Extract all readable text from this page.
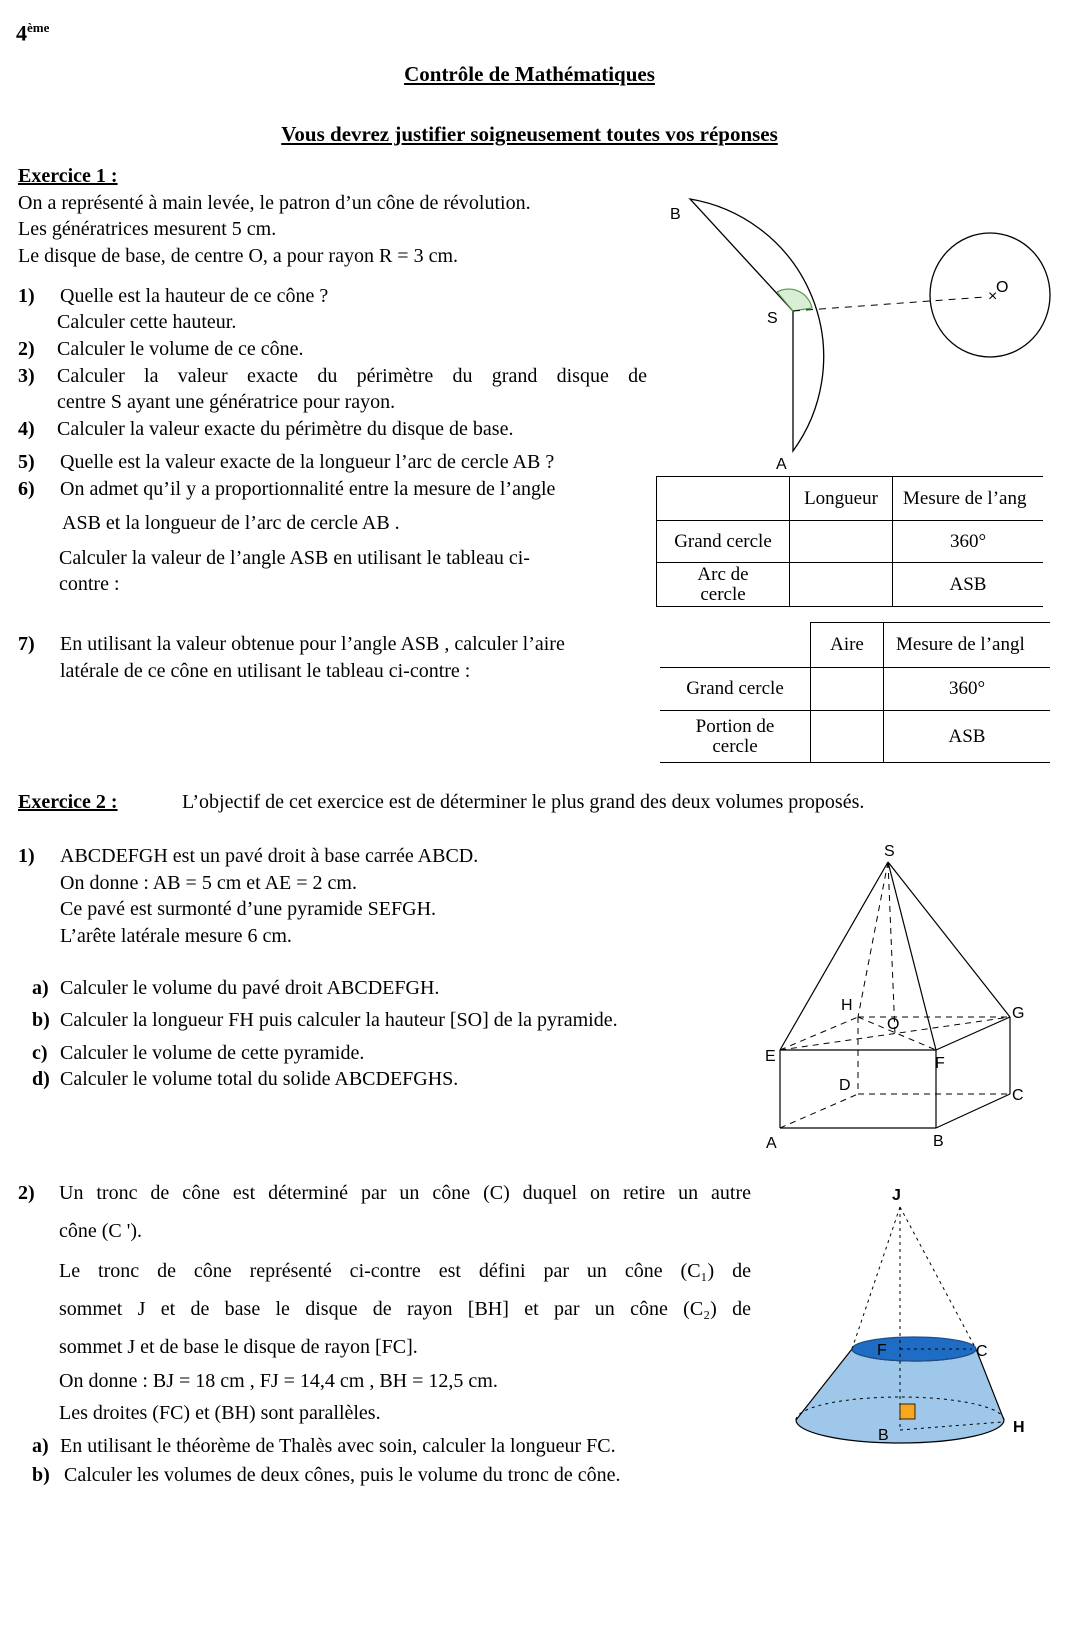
4ème
Contrôle de Mathématiques
Vous devrez justifier soigneusement toutes vos réponses
Exercice 1 :
On a représenté à main levée, le patron d’un cône de révolution.
Les génératrices mesurent 5 cm.
Le disque de base, de centre O, a pour rayon R = 3 cm.
1) Quelle est la hauteur de ce cône ?
Calculer cette hauteur.
2) Calculer le volume de ce cône.
3) Calculer la valeur exacte du périmètre du grand disque de
centre S ayant une génératrice pour rayon.
4) Calculer la valeur exacte du périmètre du disque de base.
5) Quelle est la valeur exacte de la longueur l’arc de cercle AB ?
6) On admet qu’il y a proportionnalité entre la mesure de l’angle
ASB et la longueur de l’arc de cercle AB .
Calculer la valeur de l’angle ASB en utilisant le tableau ci-
contre :
7) En utilisant la valeur obtenue pour l’angle ASB , calculer l’aire
latérale de ce cône en utilisant le tableau ci-contre :
×
B
S
O
A
	Longueur	Mesure de l’ang
Grand cercle		360°
Arc de cercle		ASB
	Aire	Mesure de l’angl
Grand cercle		360°
Portion de cercle		ASB
Exercice 2 :	L’objectif de cet exercice est de déterminer le plus grand des deux volumes proposés.
1) ABCDEFGH est un pavé droit à base carrée ABCD.
On donne : AB = 5 cm et AE = 2 cm.
Ce pavé est surmonté d’une pyramide SEFGH.
L’arête latérale mesure 6 cm.
a) Calculer le volume du pavé droit ABCDEFGH.
b) Calculer la longueur FH puis calculer la hauteur [SO] de la pyramide.
c) Calculer le volume de cette pyramide.
d) Calculer le volume total du solide ABCDEFGHS.
S
H	G
O
E	F
D
C
A	B
2) Un tronc de cône est déterminé par un cône (C) duquel on retire un autre
cône (C ').
Le tronc de cône représenté ci-contre est défini par un cône (C₁) de
sommet J et de base le disque de rayon [BH] et par un cône (C₂) de
sommet J et de base le disque de rayon [FC].
On donne : BJ = 18 cm , FJ = 14,4 cm , BH = 12,5 cm.
Les droites (FC) et (BH) sont parallèles.
a) En utilisant le théorème de Thalès avec soin, calculer la longueur FC.
b) Calculer les volumes de deux cônes, puis le volume du tronc de cône.
J
F	C
B	H
